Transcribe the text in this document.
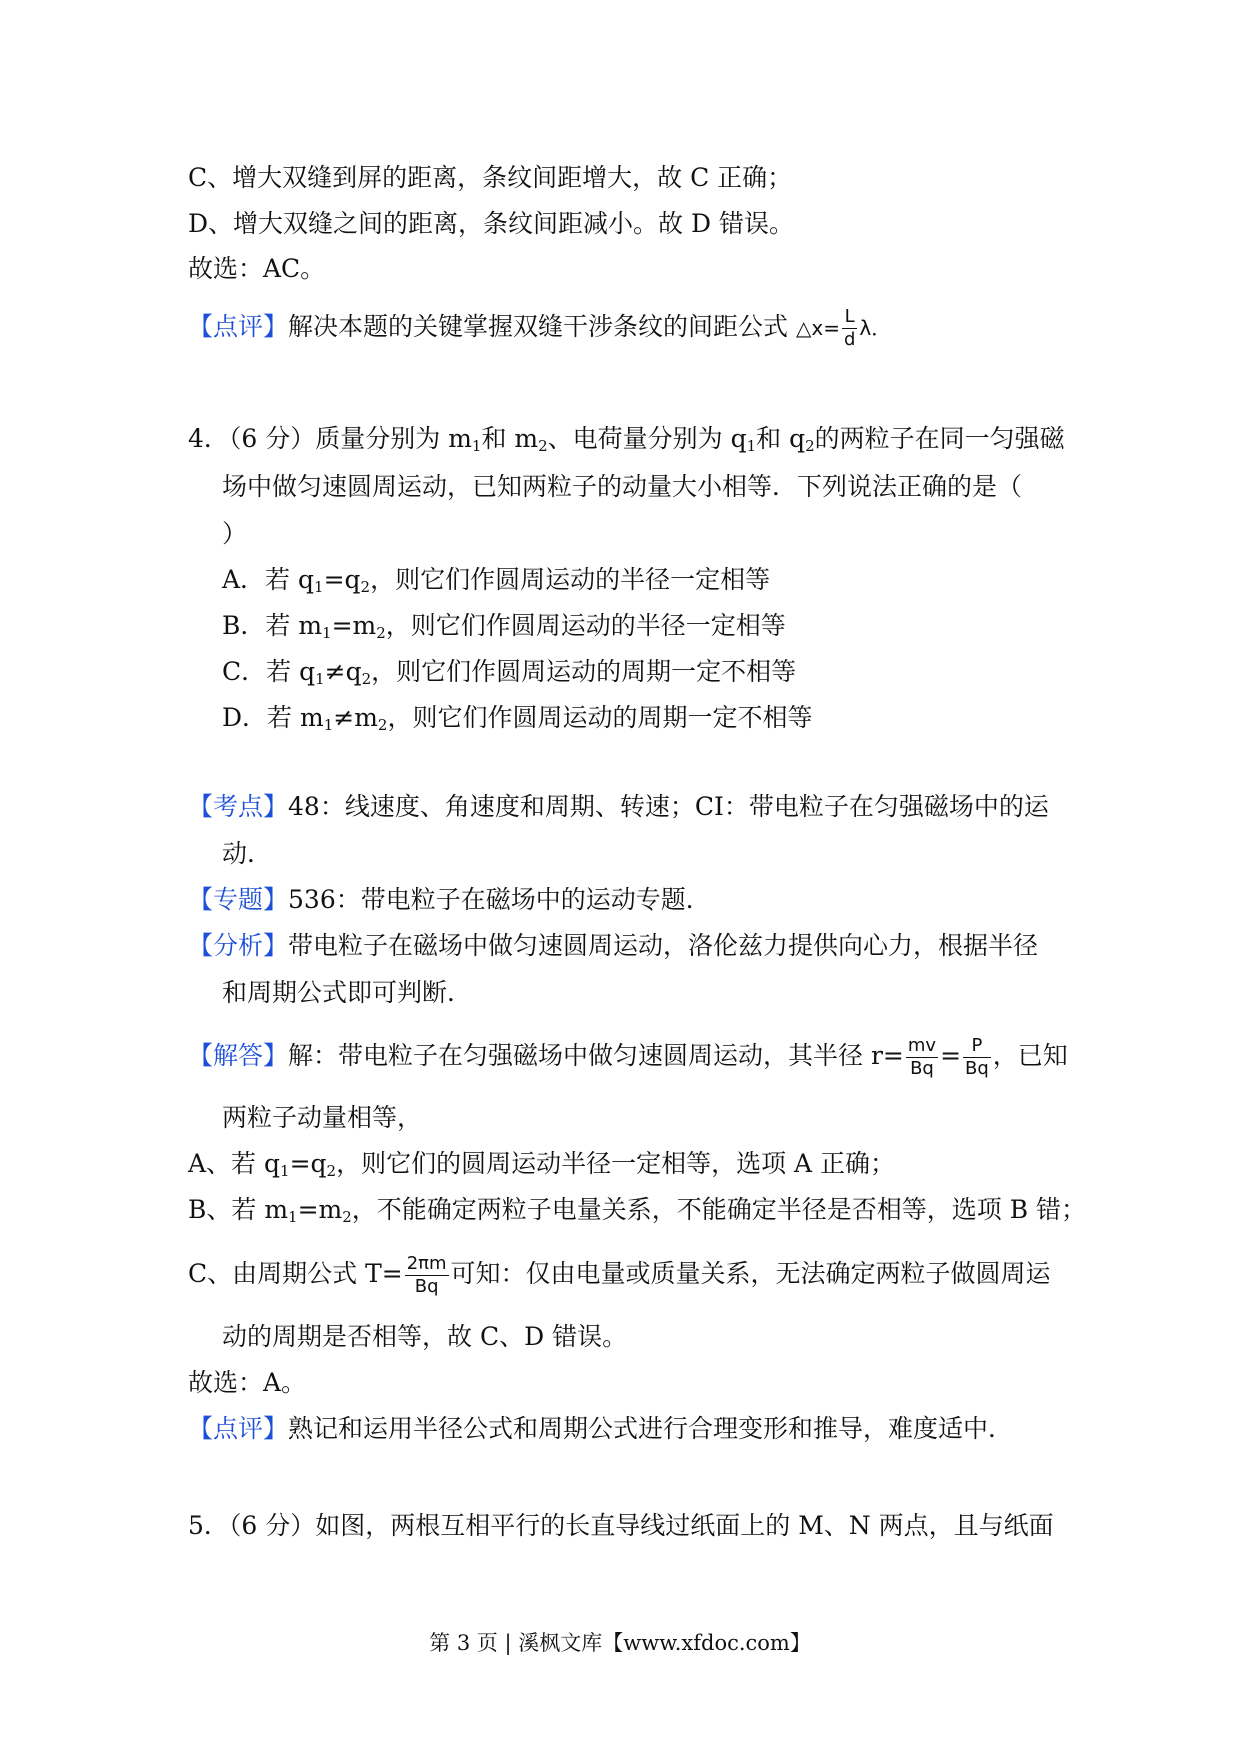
C、增大双缝到屏的距离，条纹间距增大，故 C 正确；
D、增大双缝之间的距离，条纹间距减小。故 D 错误。
故选：AC。
【点评】解决本题的关键掌握双缝干涉条纹的间距公式 △x= $\frac{L}{d}$ λ．
4．（6 分）质量分别为 $m_1$和 $m_2$、电荷量分别为 $q_1$和 $q_2$的两粒子在同一匀强磁
场中做匀速圆周运动，已知两粒子的动量大小相等．下列说法正确的是（
）
A．若 $q_1=q_2$，则它们作圆周运动的半径一定相等
B．若 $m_1=m_2$，则它们作圆周运动的半径一定相等
C．若 $q_1\ne q_2$，则它们作圆周运动的周期一定不相等
D．若 $m_1\ne m_2$，则它们作圆周运动的周期一定不相等
【考点】48：线速度、角速度和周期、转速；CI：带电粒子在匀强磁场中的运
动．
【专题】536：带电粒子在磁场中的运动专题．
【分析】带电粒子在磁场中做匀速圆周运动，洛伦兹力提供向心力，根据半径
和周期公式即可判断．
【解答】解：带电粒子在匀强磁场中做匀速圆周运动，其半径 $r= \frac{mv}{Bq} = \frac{P}{Bq}$ ，已知
两粒子动量相等，
A、若 $q_1=q_2$，则它们的圆周运动半径一定相等，选项 A 正确；
B、若 $m_1=m_2$，不能确定两粒子电量关系，不能确定半径是否相等，选项 B 错；
C、由周期公式 $T= \frac{2\pi m}{Bq}$ 可知：仅由电量或质量关系，无法确定两粒子做圆周运
动的周期是否相等，故 C、D 错误。
故选：A。
【点评】熟记和运用半径公式和周期公式进行合理变形和推导，难度适中．
5．（6 分）如图，两根互相平行的长直导线过纸面上的 M、N 两点，且与纸面
第 3 页 | 溪枫文库【www.xfdoc.com】
